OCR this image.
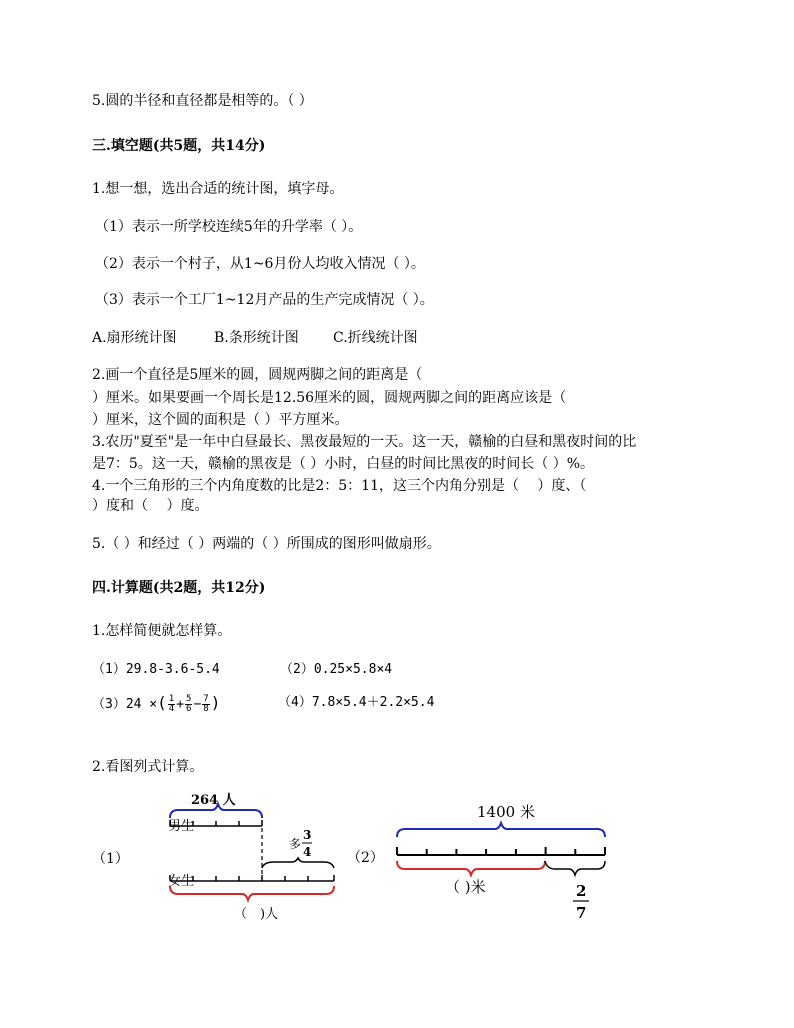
5.圆的半径和直径都是相等的。（ ）
三.填空题(共5题，共14分)
1.想一想，选出合适的统计图，填字母。
（1）表示一所学校连续5年的升学率（ ）。
（2）表示一个村子，从1~6月份人均收入情况（ ）。
（3）表示一个工厂1~12月产品的生产完成情况（ ）。
A.扇形统计图	B.条形统计图 C.折线统计图
2.画一个直径是5厘米的圆，圆规两脚之间的距离是（
）厘米。如果要画一个周长是12.56厘米的圆，圆规两脚之间的距离应该是（
）厘米，这个圆的面积是（ ）平方厘米。
3.农历"夏至"是一年中白昼最长、黑夜最短的一天。这一天，赣榆的白昼和黑夜时间的比
是7：5。这一天，赣榆的黑夜是（ ）小时，白昼的时间比黑夜的时间长（ ）%。
4.一个三角形的三个内角度数的比是2：5：11，这三个内角分别是（　 ）度、（
）度和（　 ）度。
5.（ ）和经过（ ）两端的（ ）所围成的图形叫做扇形。
四.计算题(共2题，共12分)
1.怎样简便就怎样算。
（1）29.8-3.6-5.4	（2）0.25×5.8×4
（3）24 ×( $\frac{1}{4} + \frac{5}{6} - \frac{7}{8}$ )	（4）7.8×5.4＋2.2×5.4
2.看图列式计算。
（1）
男生
女生
264 人
多
3
4
（　)人
（2）
1400 米
（ )米	2
7
